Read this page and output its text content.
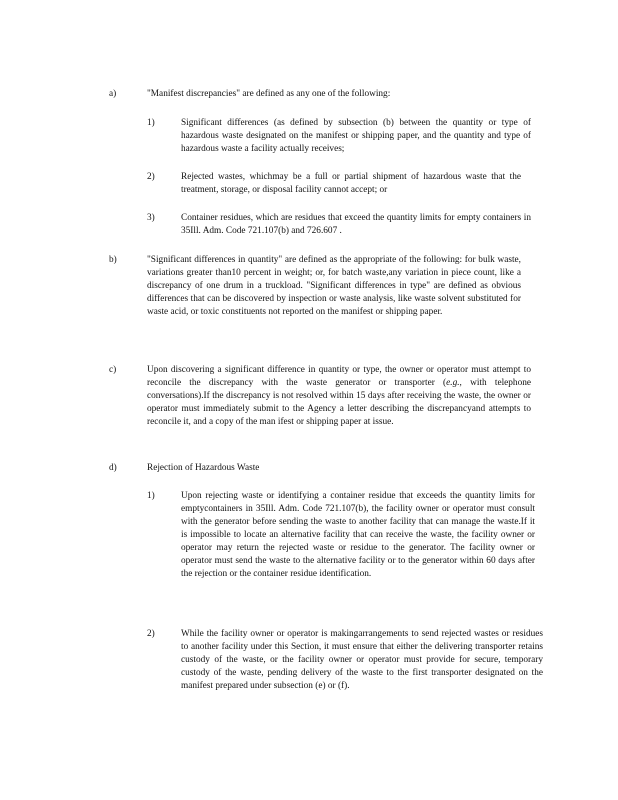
a)	"Manifest discrepancies" are defined as any one of the following:
1)	Significant differences (as defined by subsection (b) between the quantity or type of hazardous waste designated on the manifest or shipping paper, and the quantity and type of hazardous waste a facility actually receives;
2)	Rejected wastes, whichmay be a full or partial shipment of hazardous waste that the treatment, storage, or disposal facility cannot accept; or
3)	Container residues, which are residues that exceed the quantity limits for empty containers in 35Ill. Adm. Code 721.107(b) and 726.607 .
b)	"Significant differences in quantity" are defined as the appropriate of the following: for bulk waste, variations greater than10 percent in weight; or, for batch waste,any variation in piece count, like a discrepancy of one drum in a truckload. "Significant differences in type" are defined as obvious differences that can be discovered by inspection or waste analysis, like waste solvent substituted for waste acid, or toxic constituents not reported on the manifest or shipping paper.
c)	Upon discovering a significant difference in quantity or type, the owner or operator must attempt to reconcile the discrepancy with the waste generator or transporter (e.g., with telephone conversations).If the discrepancy is not resolved within 15 days after receiving the waste, the owner or operator must immediately submit to the Agency a letter describing the discrepancyand attempts to reconcile it, and a copy of the man ifest or shipping paper at issue.
d)	Rejection of Hazardous Waste
1)	Upon rejecting waste or identifying a container residue that exceeds the quantity limits for emptycontainers in 35Ill. Adm. Code 721.107(b), the facility owner or operator must consult with the generator before sending the waste to another facility that can manage the waste.If it is impossible to locate an alternative facility that can receive the waste, the facility owner or operator may return the rejected waste or residue to the generator. The facility owner or operator must send the waste to the alternative facility or to the generator within 60 days after the rejection or the container residue identification.
2)	While the facility owner or operator is makingarrangements to send rejected wastes or residues to another facility under this Section, it must ensure that either the delivering transporter retains custody of the waste, or the facility owner or operator must provide for secure, temporary custody of the waste, pending delivery of the waste to the first transporter designated on the manifest prepared under subsection (e) or (f).
